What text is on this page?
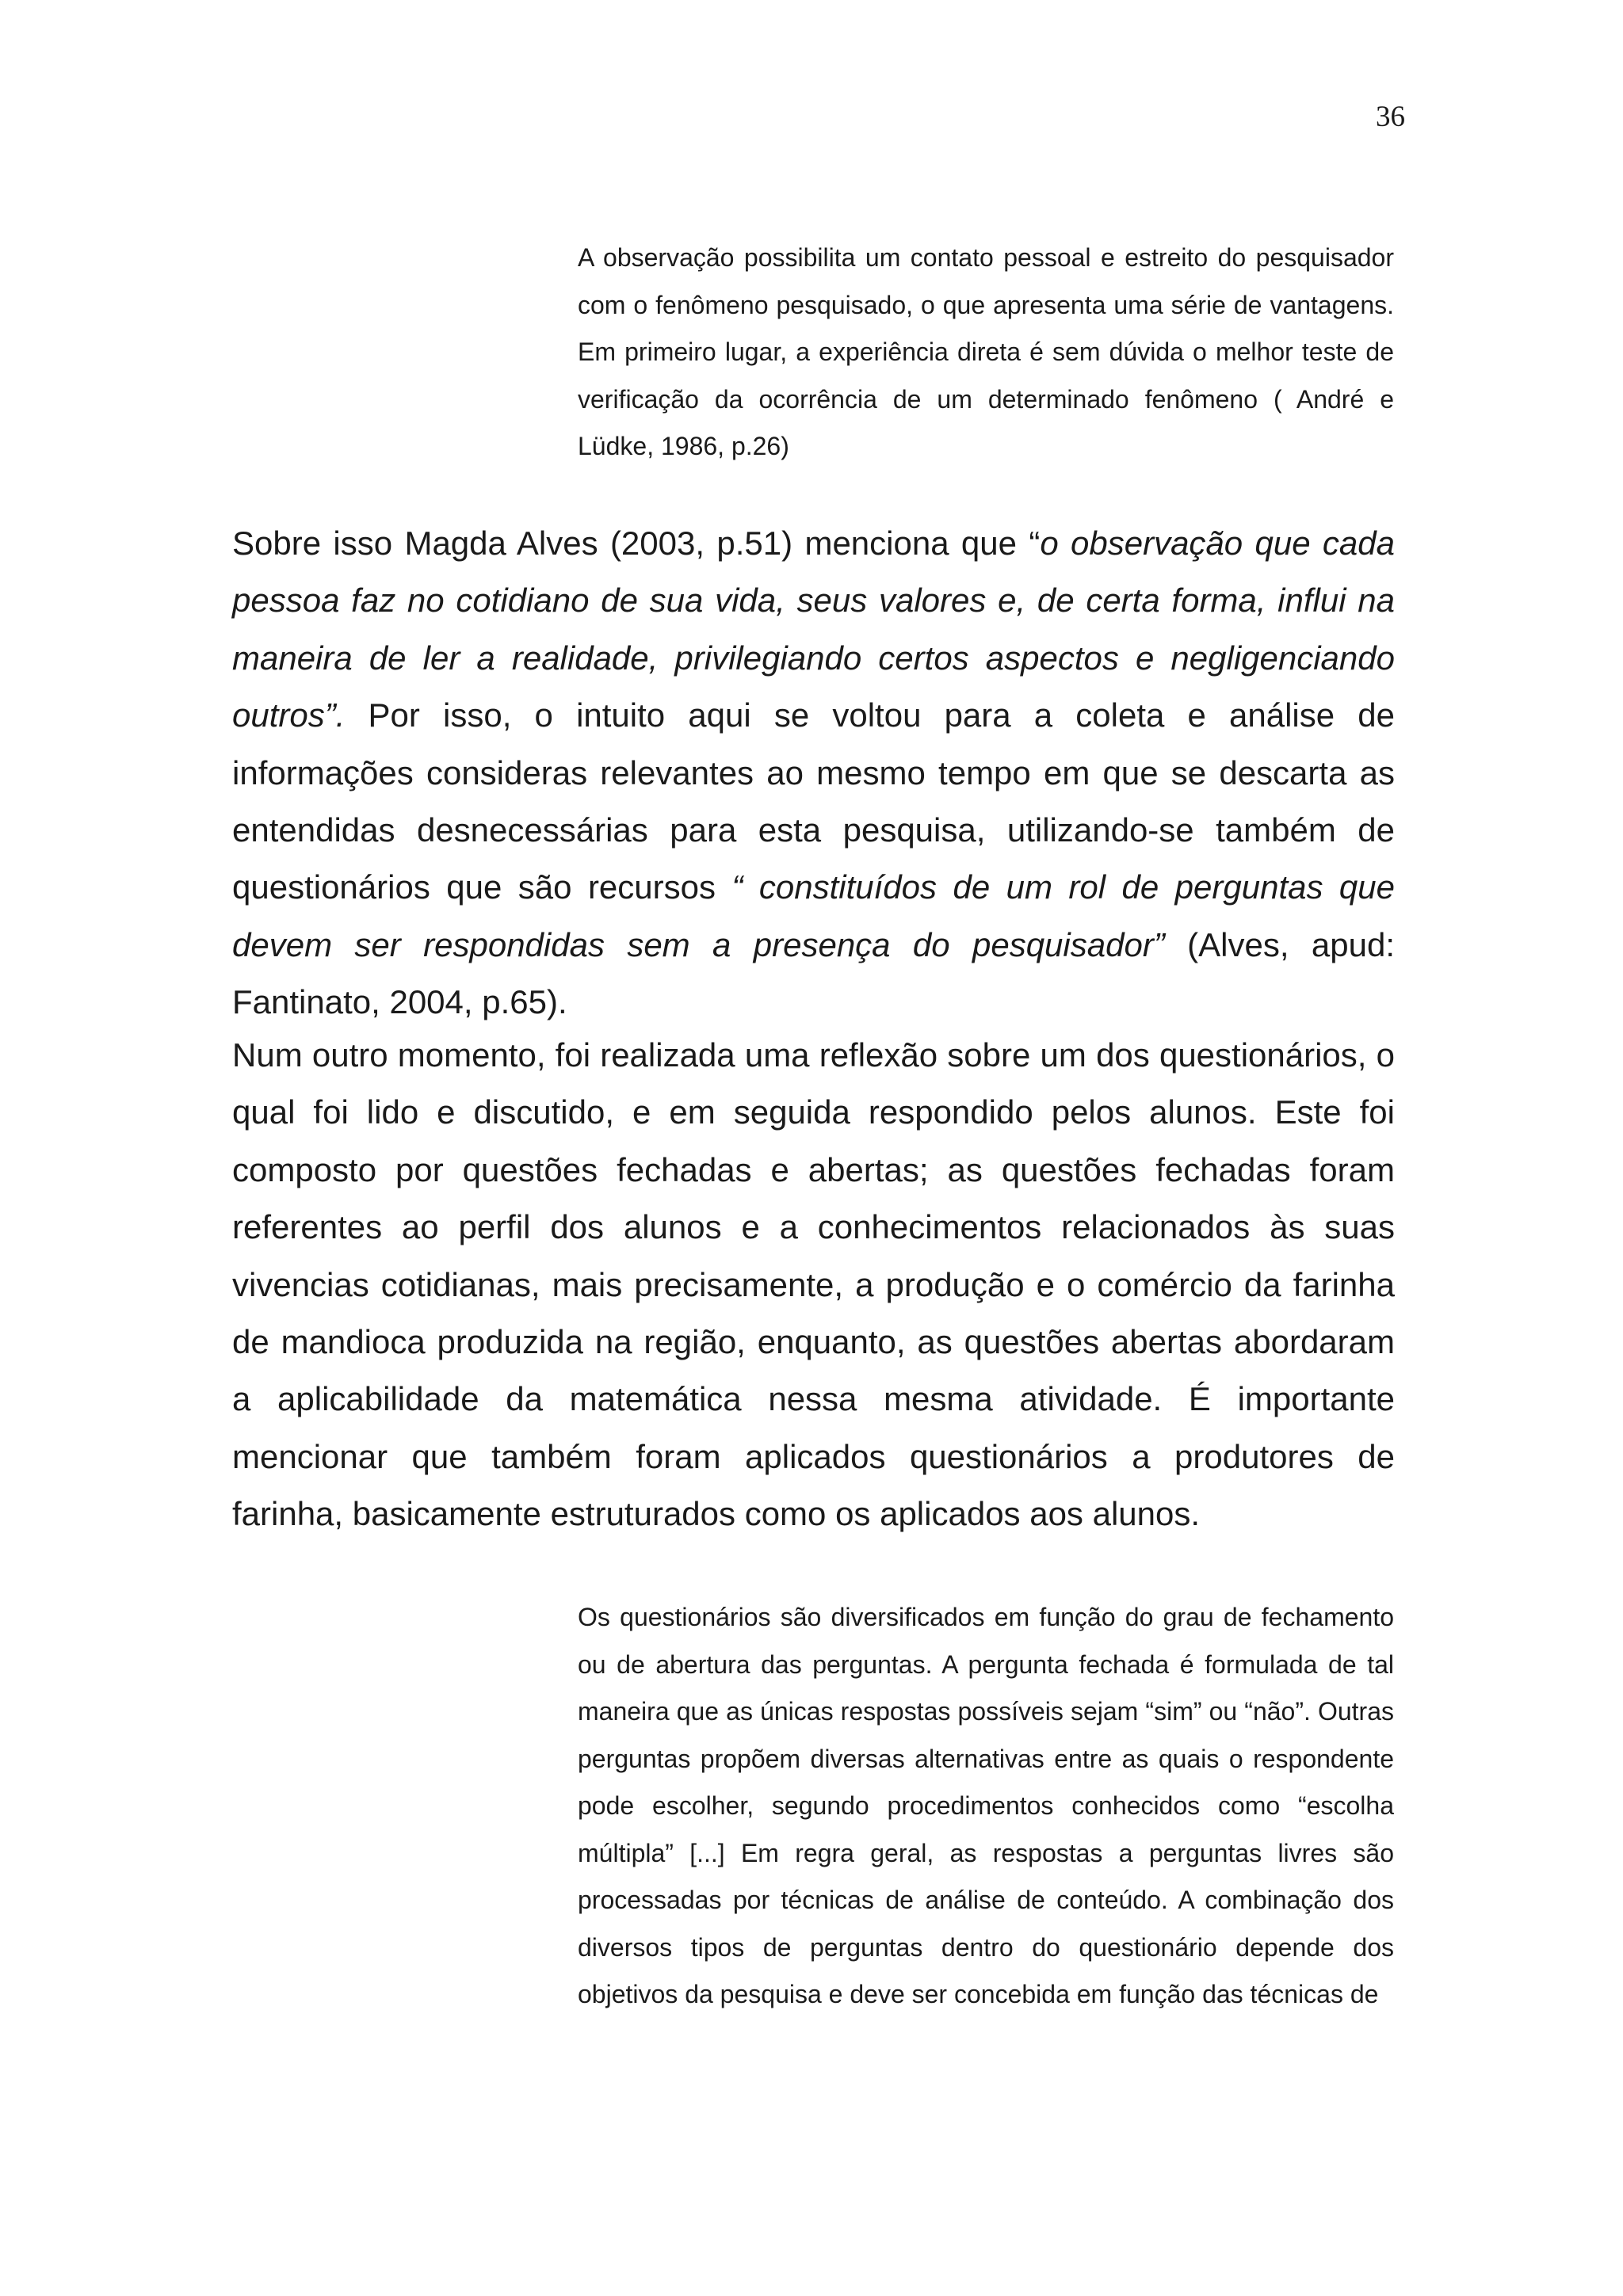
36

A observação possibilita um contato pessoal e estreito do pesquisador com o fenômeno pesquisado, o que apresenta uma série de vantagens. Em primeiro lugar, a experiência direta é sem dúvida o melhor teste de verificação da ocorrência de um determinado fenômeno ( André e Lüdke, 1986, p.26)

Sobre isso Magda Alves (2003, p.51) menciona que “o observação que cada pessoa faz no cotidiano de sua vida, seus valores e, de certa forma, influi na maneira de ler a realidade, privilegiando certos aspectos e negligenciando outros”. Por isso, o intuito aqui se voltou para a coleta e análise de informações consideras relevantes ao mesmo tempo em que se descarta as entendidas desnecessárias para esta pesquisa, utilizando-se também de questionários que são recursos “ constituídos de um rol de perguntas que devem ser respondidas sem a presença do pesquisador” (Alves, apud: Fantinato, 2004, p.65).

Num outro momento, foi realizada uma reflexão sobre um dos questionários, o qual foi lido e discutido, e em seguida respondido pelos alunos. Este foi composto por questões fechadas e abertas; as questões fechadas foram referentes ao perfil dos alunos e a conhecimentos relacionados às suas vivencias cotidianas, mais precisamente, a produção e o comércio da farinha de mandioca produzida na região, enquanto, as questões abertas abordaram a aplicabilidade da matemática nessa mesma atividade. É importante mencionar que também foram aplicados questionários a produtores de farinha, basicamente estruturados como os aplicados aos alunos.

Os questionários são diversificados em função do grau de fechamento ou de abertura das perguntas. A pergunta fechada é formulada de tal maneira que as únicas respostas possíveis sejam “sim” ou “não”. Outras perguntas propõem diversas alternativas entre as quais o respondente pode escolher, segundo procedimentos conhecidos como “escolha múltipla” [...] Em regra geral, as respostas a perguntas livres são processadas por técnicas de análise de conteúdo. A combinação dos diversos tipos de perguntas dentro do questionário depende dos objetivos da pesquisa e deve ser concebida em função das técnicas de
